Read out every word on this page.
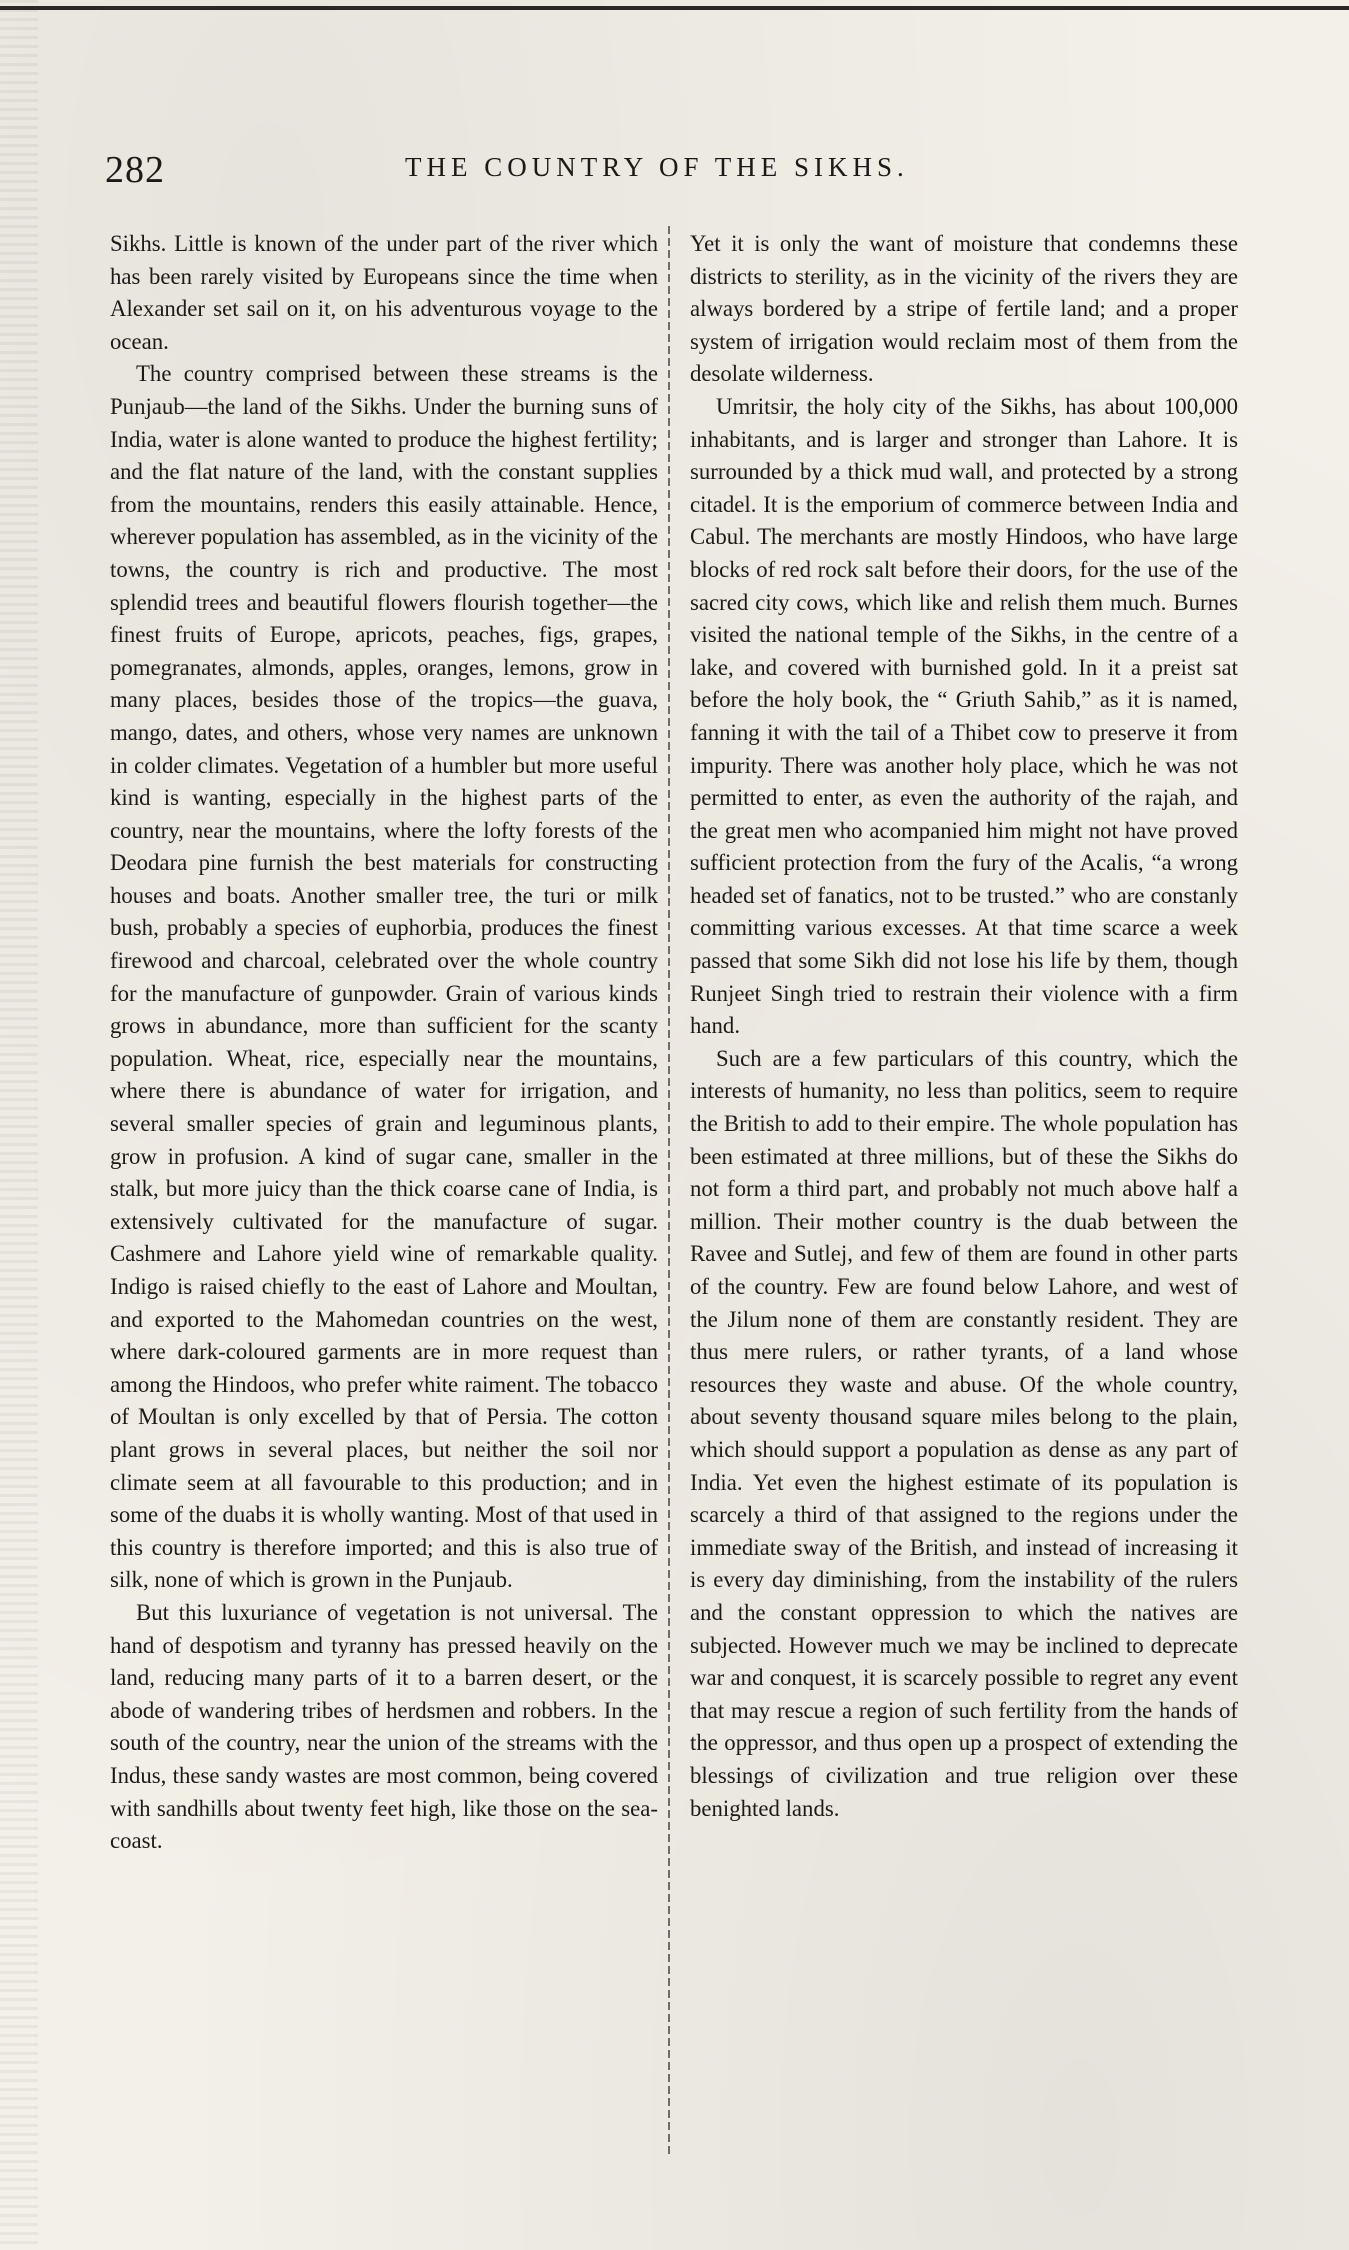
282	THE COUNTRY OF THE SIKHS.

Sikhs. Little is known of the under part of the river which has been rarely visited by Europeans since the time when Alexander set sail on it, on his adventurous voyage to the ocean.

The country comprised between these streams is the Punjaub—the land of the Sikhs. Under the burning suns of India, water is alone wanted to produce the highest fertility; and the flat nature of the land, with the constant supplies from the mountains, renders this easily attainable. Hence, wherever population has assembled, as in the vicinity of the towns, the country is rich and productive. The most splendid trees and beautiful flowers flourish together—the finest fruits of Europe, apricots, peaches, figs, grapes, pomegranates, almonds, apples, oranges, lemons, grow in many places, besides those of the tropics—the guava, mango, dates, and others, whose very names are unknown in colder climates. Vegetation of a humbler but more useful kind is wanting, especially in the highest parts of the country, near the mountains, where the lofty forests of the Deodara pine furnish the best materials for constructing houses and boats. Another smaller tree, the turi or milk bush, probably a species of euphorbia, produces the finest firewood and charcoal, celebrated over the whole country for the manufacture of gunpowder. Grain of various kinds grows in abundance, more than sufficient for the scanty population. Wheat, rice, especially near the mountains, where there is abundance of water for irrigation, and several smaller species of grain and leguminous plants, grow in profusion. A kind of sugar cane, smaller in the stalk, but more juicy than the thick coarse cane of India, is extensively cultivated for the manufacture of sugar. Cashmere and Lahore yield wine of remarkable quality. Indigo is raised chiefly to the east of Lahore and Moultan, and exported to the Mahomedan countries on the west, where dark-coloured garments are in more request than among the Hindoos, who prefer white raiment. The tobacco of Moultan is only excelled by that of Persia. The cotton plant grows in several places, but neither the soil nor climate seem at all favourable to this production; and in some of the duabs it is wholly wanting. Most of that used in this country is therefore imported; and this is also true of silk, none of which is grown in the Punjaub.

But this luxuriance of vegetation is not universal. The hand of despotism and tyranny has pressed heavily on the land, reducing many parts of it to a barren desert, or the abode of wandering tribes of herdsmen and robbers. In the south of the country, near the union of the streams with the Indus, these sandy wastes are most common, being covered with sandhills about twenty feet high, like those on the sea-coast.

Yet it is only the want of moisture that condemns these districts to sterility, as in the vicinity of the rivers they are always bordered by a stripe of fertile land; and a proper system of irrigation would reclaim most of them from the desolate wilderness.

Umritsir, the holy city of the Sikhs, has about 100,000 inhabitants, and is larger and stronger than Lahore. It is surrounded by a thick mud wall, and protected by a strong citadel. It is the emporium of commerce between India and Cabul. The merchants are mostly Hindoos, who have large blocks of red rock salt before their doors, for the use of the sacred city cows, which like and relish them much. Burnes visited the national temple of the Sikhs, in the centre of a lake, and covered with burnished gold. In it a preist sat before the holy book, the “ Griuth Sahib,” as it is named, fanning it with the tail of a Thibet cow to preserve it from impurity. There was another holy place, which he was not permitted to enter, as even the authority of the rajah, and the great men who acompanied him might not have proved sufficient protection from the fury of the Acalis, “a wrong headed set of fanatics, not to be trusted.” who are constanly committing various excesses. At that time scarce a week passed that some Sikh did not lose his life by them, though Runjeet Singh tried to restrain their violence with a firm hand.

Such are a few particulars of this country, which the interests of humanity, no less than politics, seem to require the British to add to their empire. The whole population has been estimated at three millions, but of these the Sikhs do not form a third part, and probably not much above half a million. Their mother country is the duab between the Ravee and Sutlej, and few of them are found in other parts of the country. Few are found below Lahore, and west of the Jilum none of them are constantly resident. They are thus mere rulers, or rather tyrants, of a land whose resources they waste and abuse. Of the whole country, about seventy thousand square miles belong to the plain, which should support a population as dense as any part of India. Yet even the highest estimate of its population is scarcely a third of that assigned to the regions under the immediate sway of the British, and instead of increasing it is every day diminishing, from the instability of the rulers and the constant oppression to which the natives are subjected. However much we may be inclined to deprecate war and conquest, it is scarcely possible to regret any event that may rescue a region of such fertility from the hands of the oppressor, and thus open up a prospect of extending the blessings of civilization and true religion over these benighted lands.
